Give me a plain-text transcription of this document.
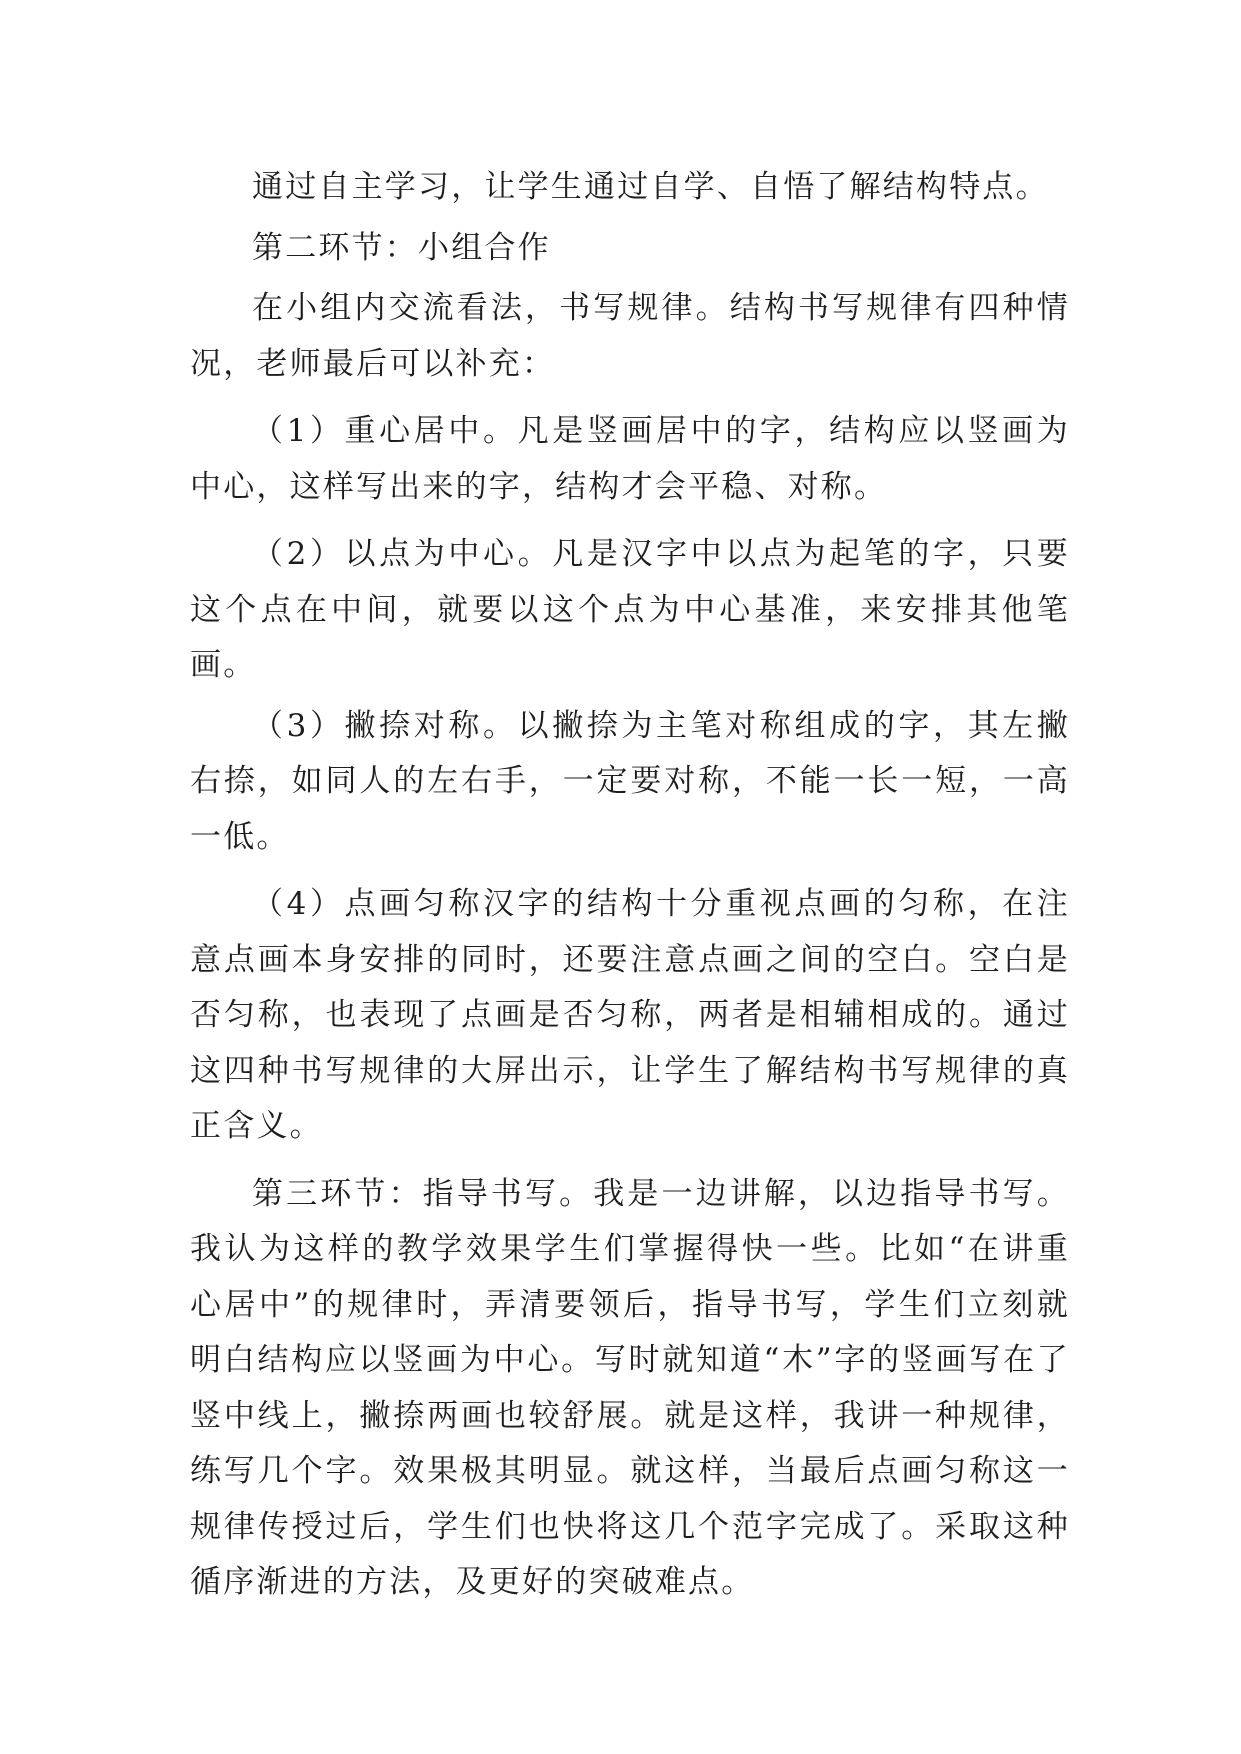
通过自主学习，让学生通过自学、自悟了解结构特点。

第二环节：小组合作

在小组内交流看法，书写规律。结构书写规律有四种情况，老师最后可以补充：

（1）重心居中。凡是竖画居中的字，结构应以竖画为中心，这样写出来的字，结构才会平稳、对称。

（2）以点为中心。凡是汉字中以点为起笔的字，只要这个点在中间，就要以这个点为中心基准，来安排其他笔画。

（3）撇捺对称。以撇捺为主笔对称组成的字，其左撇右捺，如同人的左右手，一定要对称，不能一长一短，一高一低。

（4）点画匀称汉字的结构十分重视点画的匀称，在注意点画本身安排的同时，还要注意点画之间的空白。空白是否匀称，也表现了点画是否匀称，两者是相辅相成的。通过这四种书写规律的大屏出示，让学生了解结构书写规律的真正含义。

第三环节：指导书写。我是一边讲解，以边指导书写。我认为这样的教学效果学生们掌握得快一些。比如“在讲重心居中”的规律时，弄清要领后，指导书写，学生们立刻就明白结构应以竖画为中心。写时就知道“木”字的竖画写在了竖中线上，撇捺两画也较舒展。就是这样，我讲一种规律，练写几个字。效果极其明显。就这样，当最后点画匀称这一规律传授过后，学生们也快将这几个范字完成了。采取这种循序渐进的方法，及更好的突破难点。
